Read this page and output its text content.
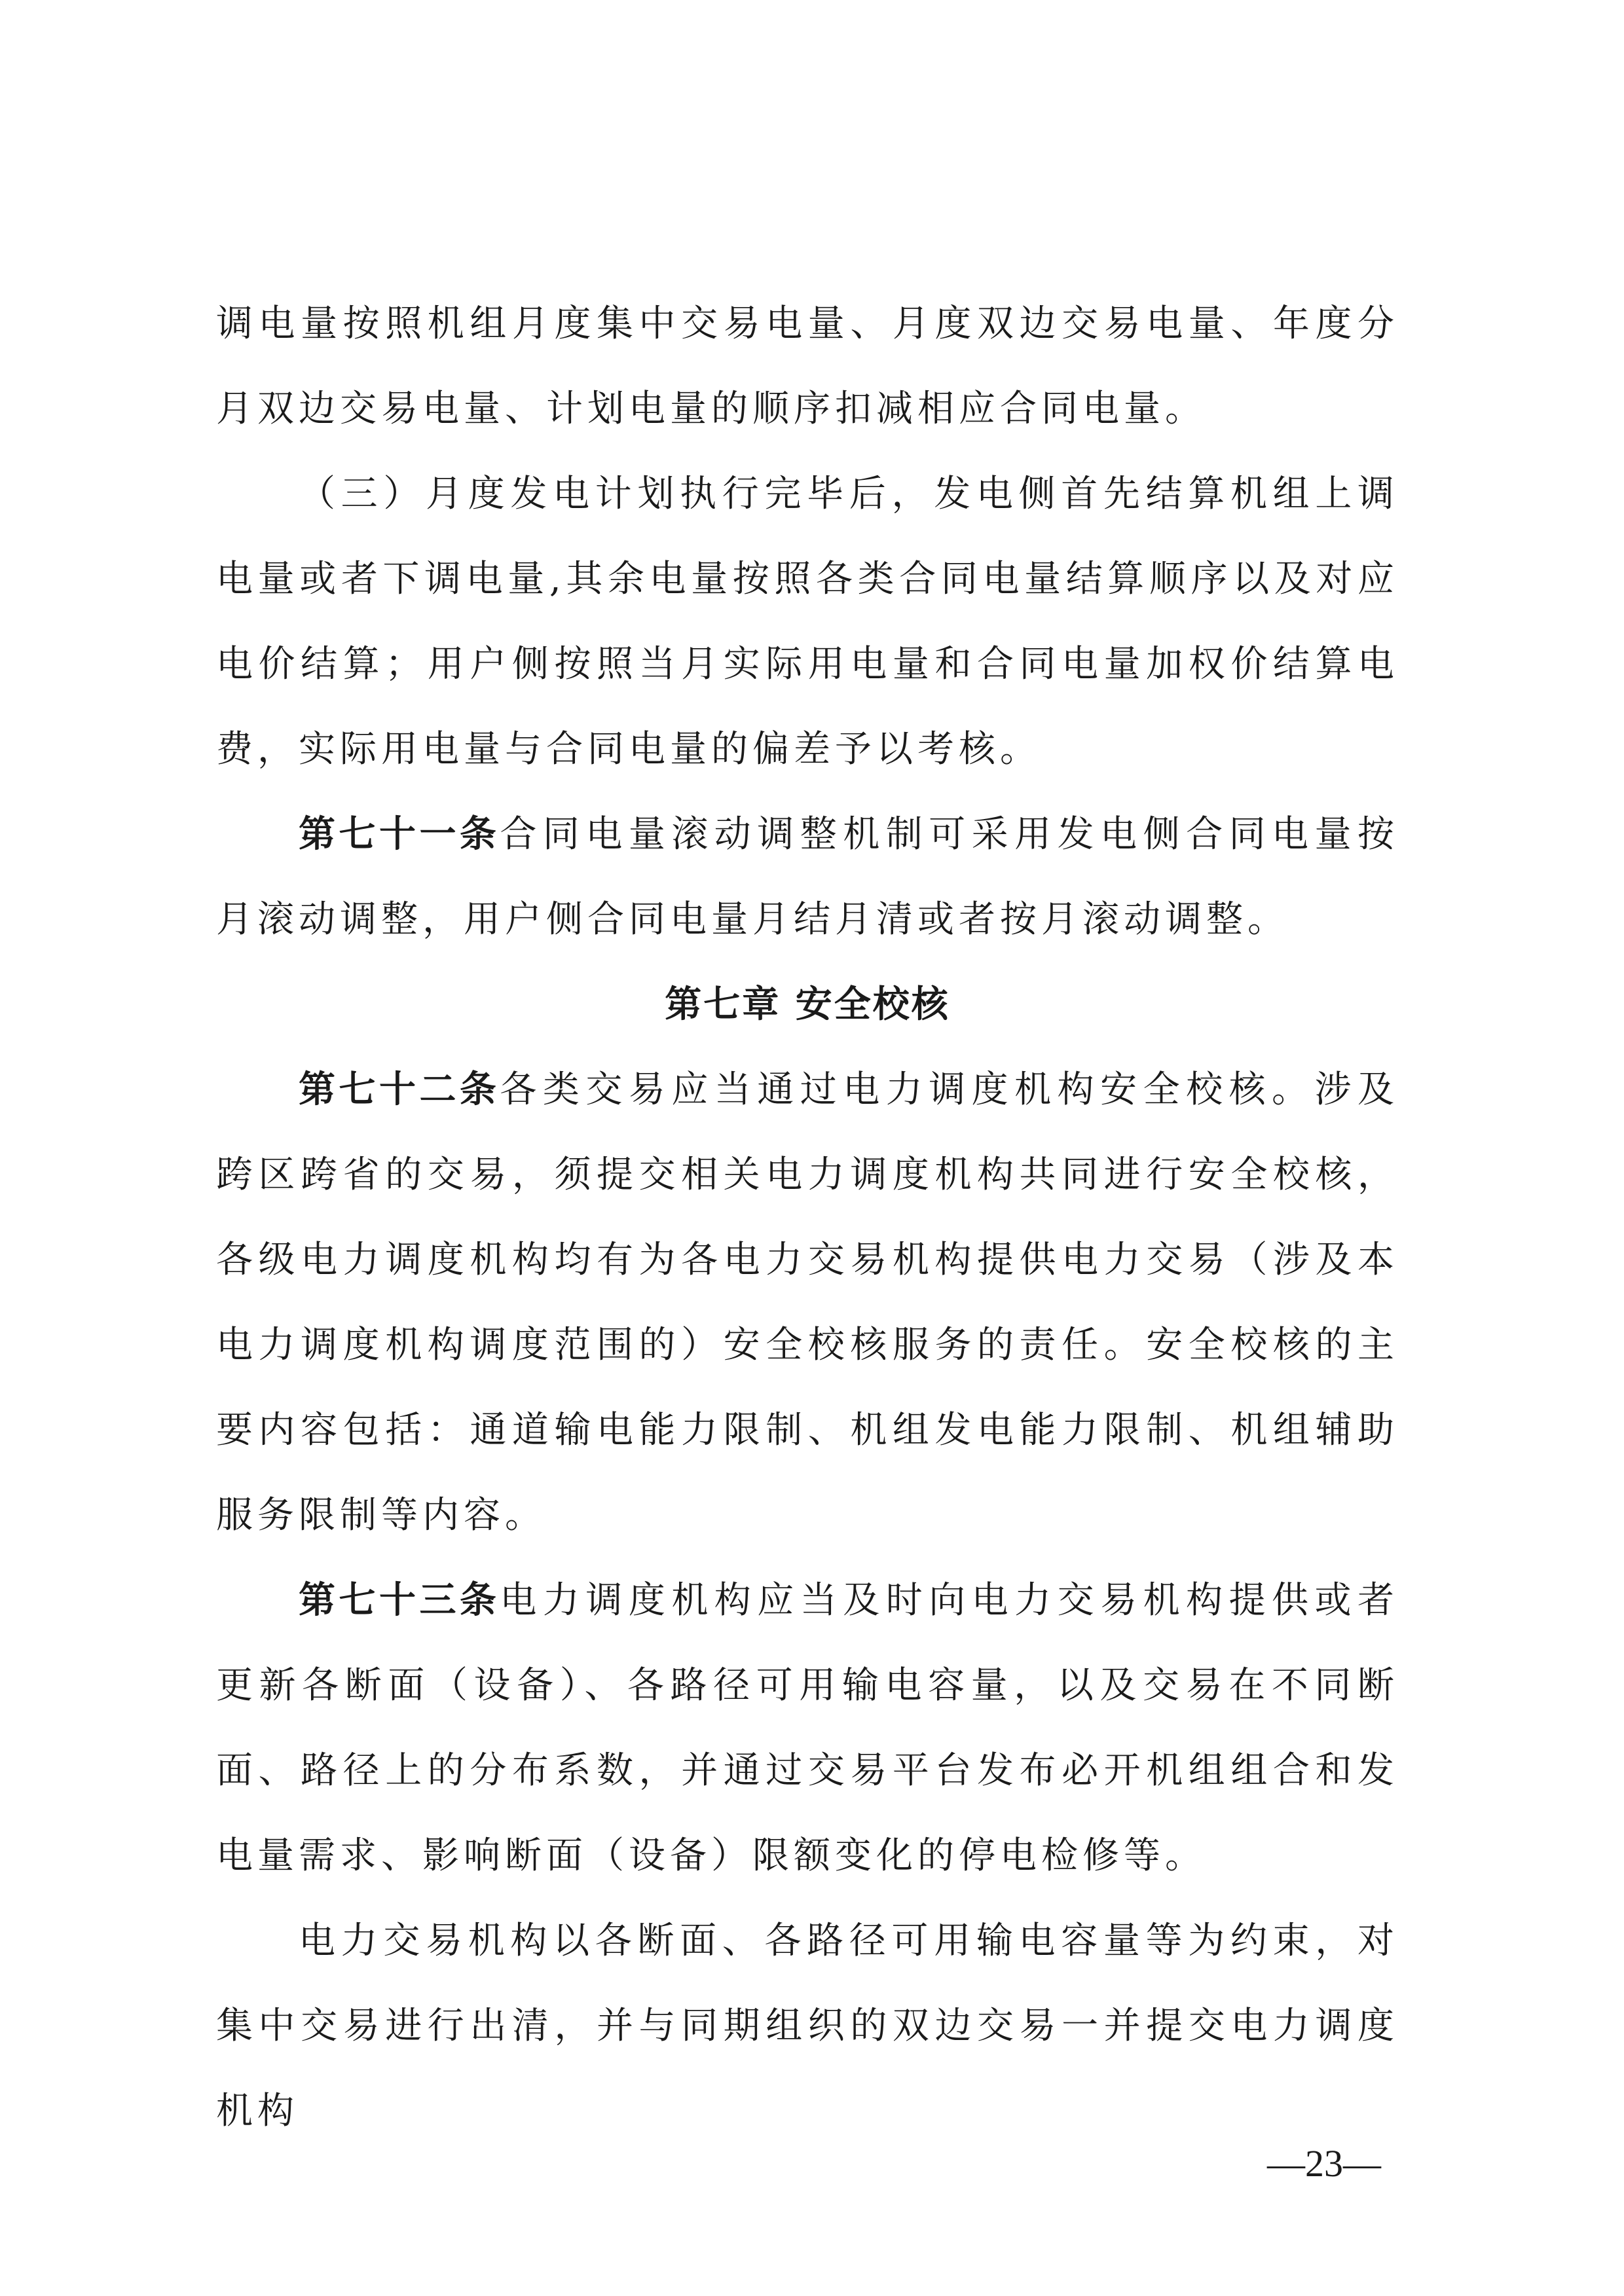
调电量按照机组月度集中交易电量、月度双边交易电量、年度分月双边交易电量、计划电量的顺序扣减相应合同电量。

（三）月度发电计划执行完毕后，发电侧首先结算机组上调电量或者下调电量,其余电量按照各类合同电量结算顺序以及对应电价结算；用户侧按照当月实际用电量和合同电量加权价结算电费，实际用电量与合同电量的偏差予以考核。

第七十一条合同电量滚动调整机制可采用发电侧合同电量按月滚动调整，用户侧合同电量月结月清或者按月滚动调整。

第七章 安全校核

第七十二条各类交易应当通过电力调度机构安全校核。涉及跨区跨省的交易，须提交相关电力调度机构共同进行安全校核，各级电力调度机构均有为各电力交易机构提供电力交易（涉及本电力调度机构调度范围的）安全校核服务的责任。安全校核的主要内容包括：通道输电能力限制、机组发电能力限制、机组辅助服务限制等内容。

第七十三条电力调度机构应当及时向电力交易机构提供或者更新各断面（设备）、各路径可用输电容量，以及交易在不同断面、路径上的分布系数，并通过交易平台发布必开机组组合和发电量需求、影响断面（设备）限额变化的停电检修等。

电力交易机构以各断面、各路径可用输电容量等为约束，对集中交易进行出清，并与同期组织的双边交易一并提交电力调度机构

—23—
